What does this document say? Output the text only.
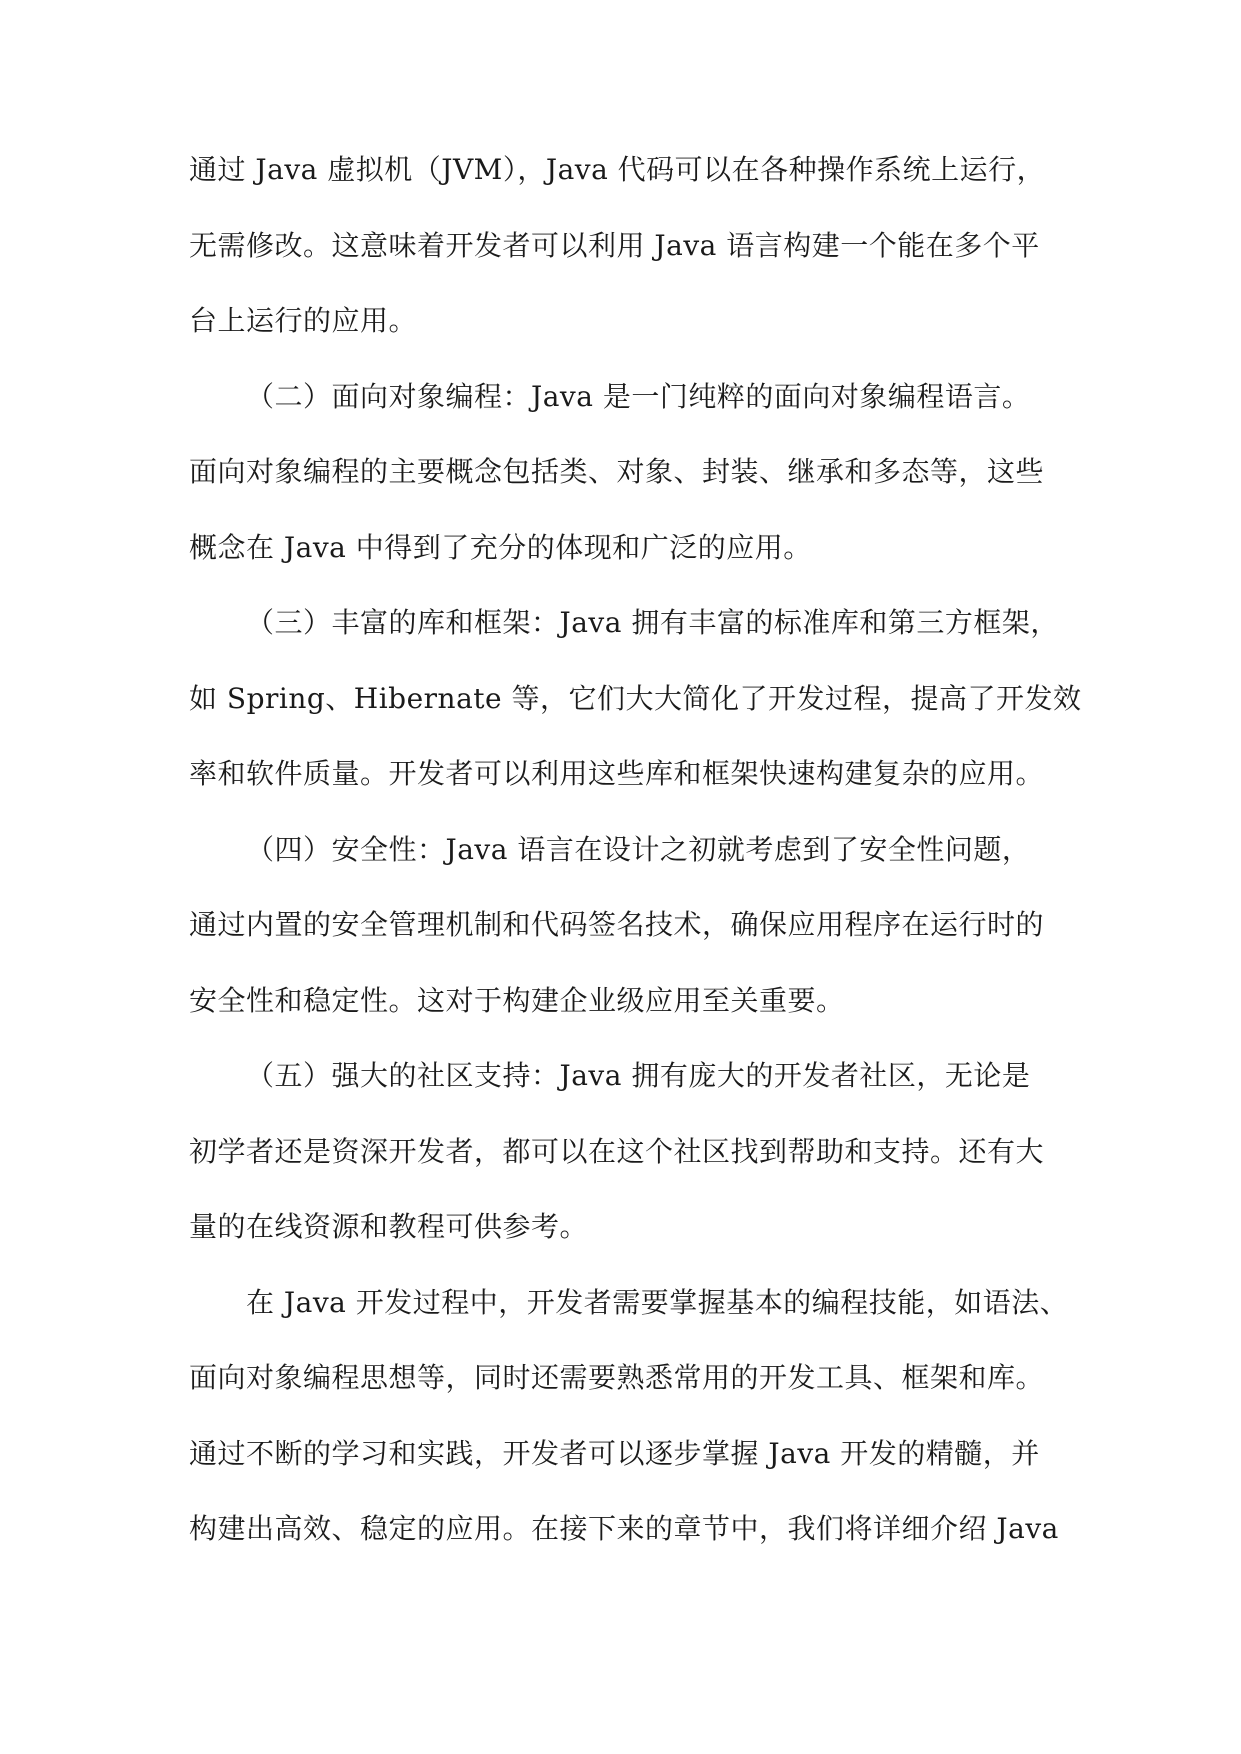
通过 Java 虚拟机（JVM），Java 代码可以在各种操作系统上运行，
无需修改。这意味着开发者可以利用 Java 语言构建一个能在多个平
台上运行的应用。
（二）面向对象编程：Java 是一门纯粹的面向对象编程语言。
面向对象编程的主要概念包括类、对象、封装、继承和多态等，这些
概念在 Java 中得到了充分的体现和广泛的应用。
（三）丰富的库和框架：Java 拥有丰富的标准库和第三方框架，
如 Spring、Hibernate 等，它们大大简化了开发过程，提高了开发效
率和软件质量。开发者可以利用这些库和框架快速构建复杂的应用。
（四）安全性：Java 语言在设计之初就考虑到了安全性问题，
通过内置的安全管理机制和代码签名技术，确保应用程序在运行时的
安全性和稳定性。这对于构建企业级应用至关重要。
（五）强大的社区支持：Java 拥有庞大的开发者社区，无论是
初学者还是资深开发者，都可以在这个社区找到帮助和支持。还有大
量的在线资源和教程可供参考。
在 Java 开发过程中，开发者需要掌握基本的编程技能，如语法、
面向对象编程思想等，同时还需要熟悉常用的开发工具、框架和库。
通过不断的学习和实践，开发者可以逐步掌握 Java 开发的精髓，并
构建出高效、稳定的应用。在接下来的章节中，我们将详细介绍 Java
